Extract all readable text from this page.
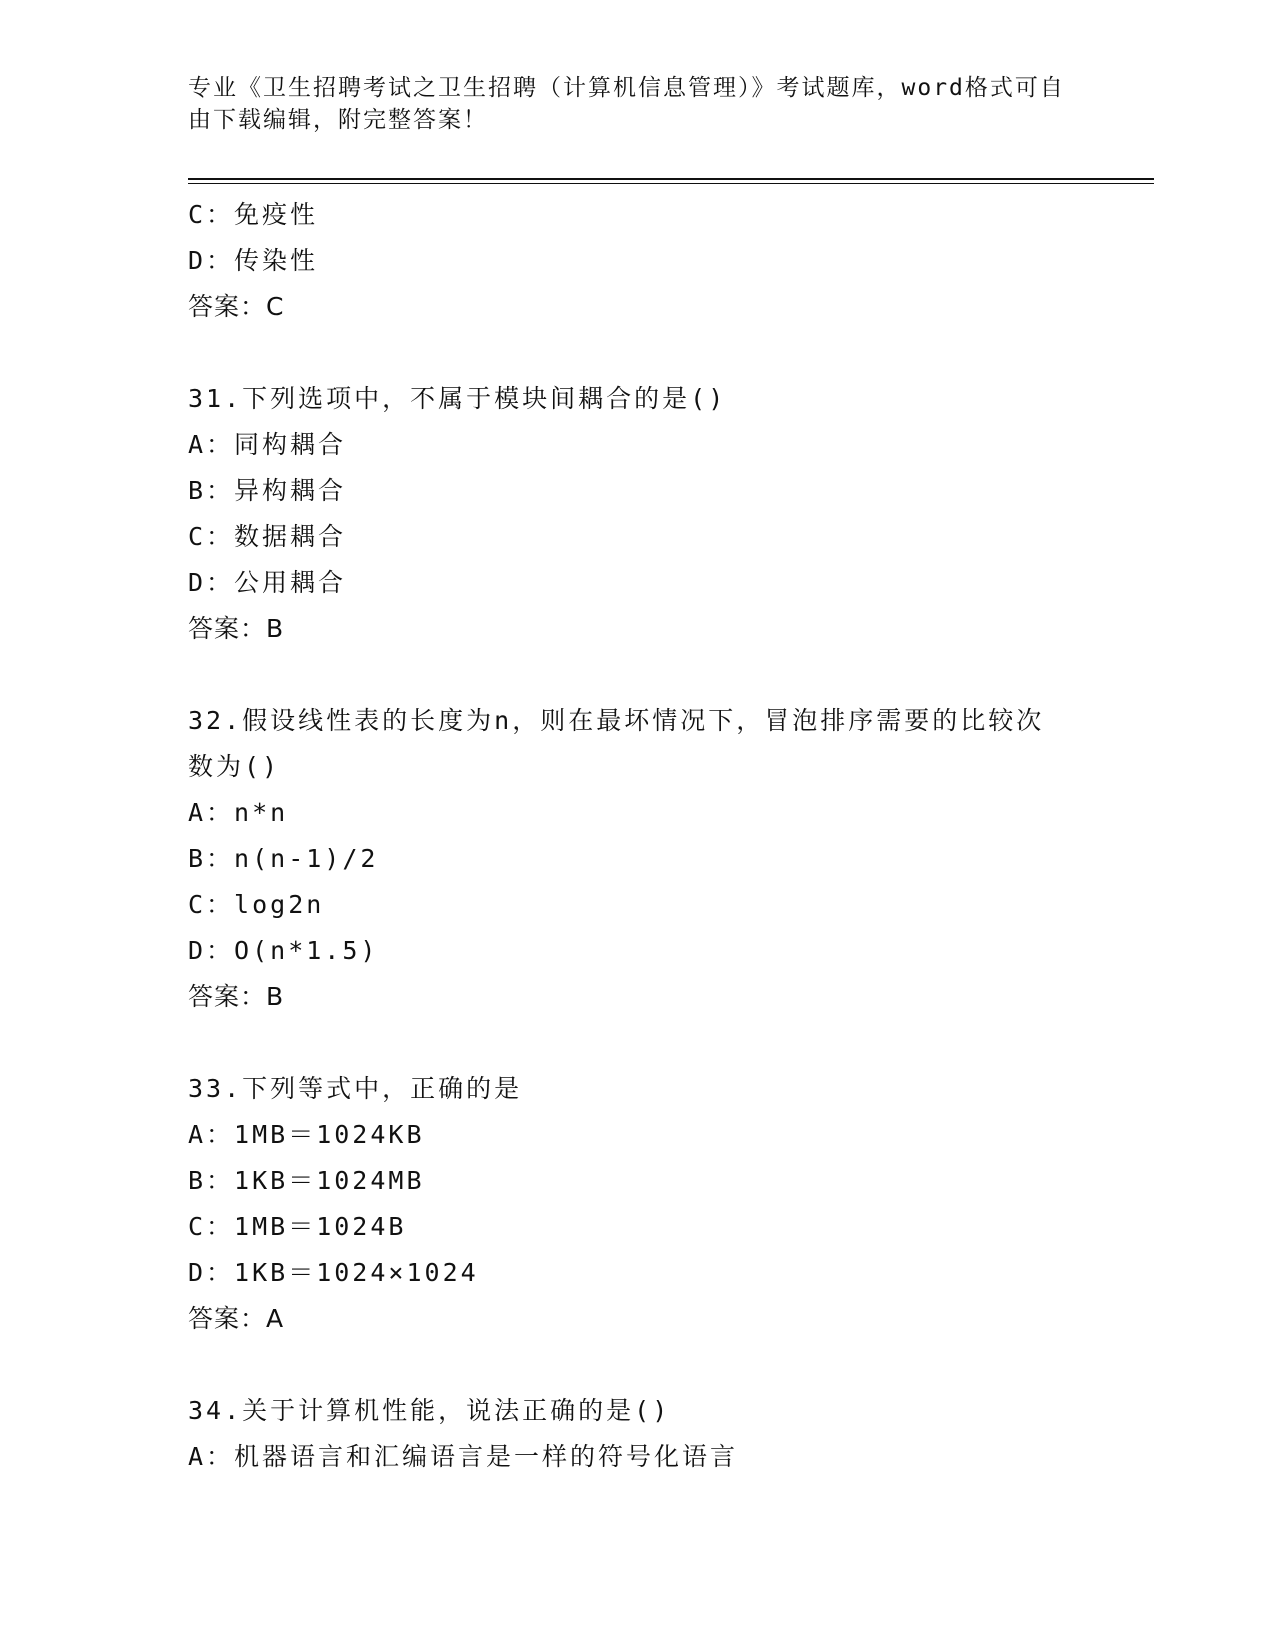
专业《卫生招聘考试之卫生招聘（计算机信息管理）》考试题库，word格式可自
由下载编辑，附完整答案！
C：免疫性
D：传染性
答案：C
31.下列选项中，不属于模块间耦合的是()
A：同构耦合
B：异构耦合
C：数据耦合
D：公用耦合
答案：B
32.假设线性表的长度为n，则在最坏情况下，冒泡排序需要的比较次
数为()
A：n*n
B：n(n-1)/2
C：log2n
D：O(n*1.5)
答案：B
33.下列等式中，正确的是
A：1MB＝1024KB
B：1KB＝1024MB
C：1MB＝1024B
D：1KB＝1024×1024
答案：A
34.关于计算机性能，说法正确的是()
A：机器语言和汇编语言是一样的符号化语言
